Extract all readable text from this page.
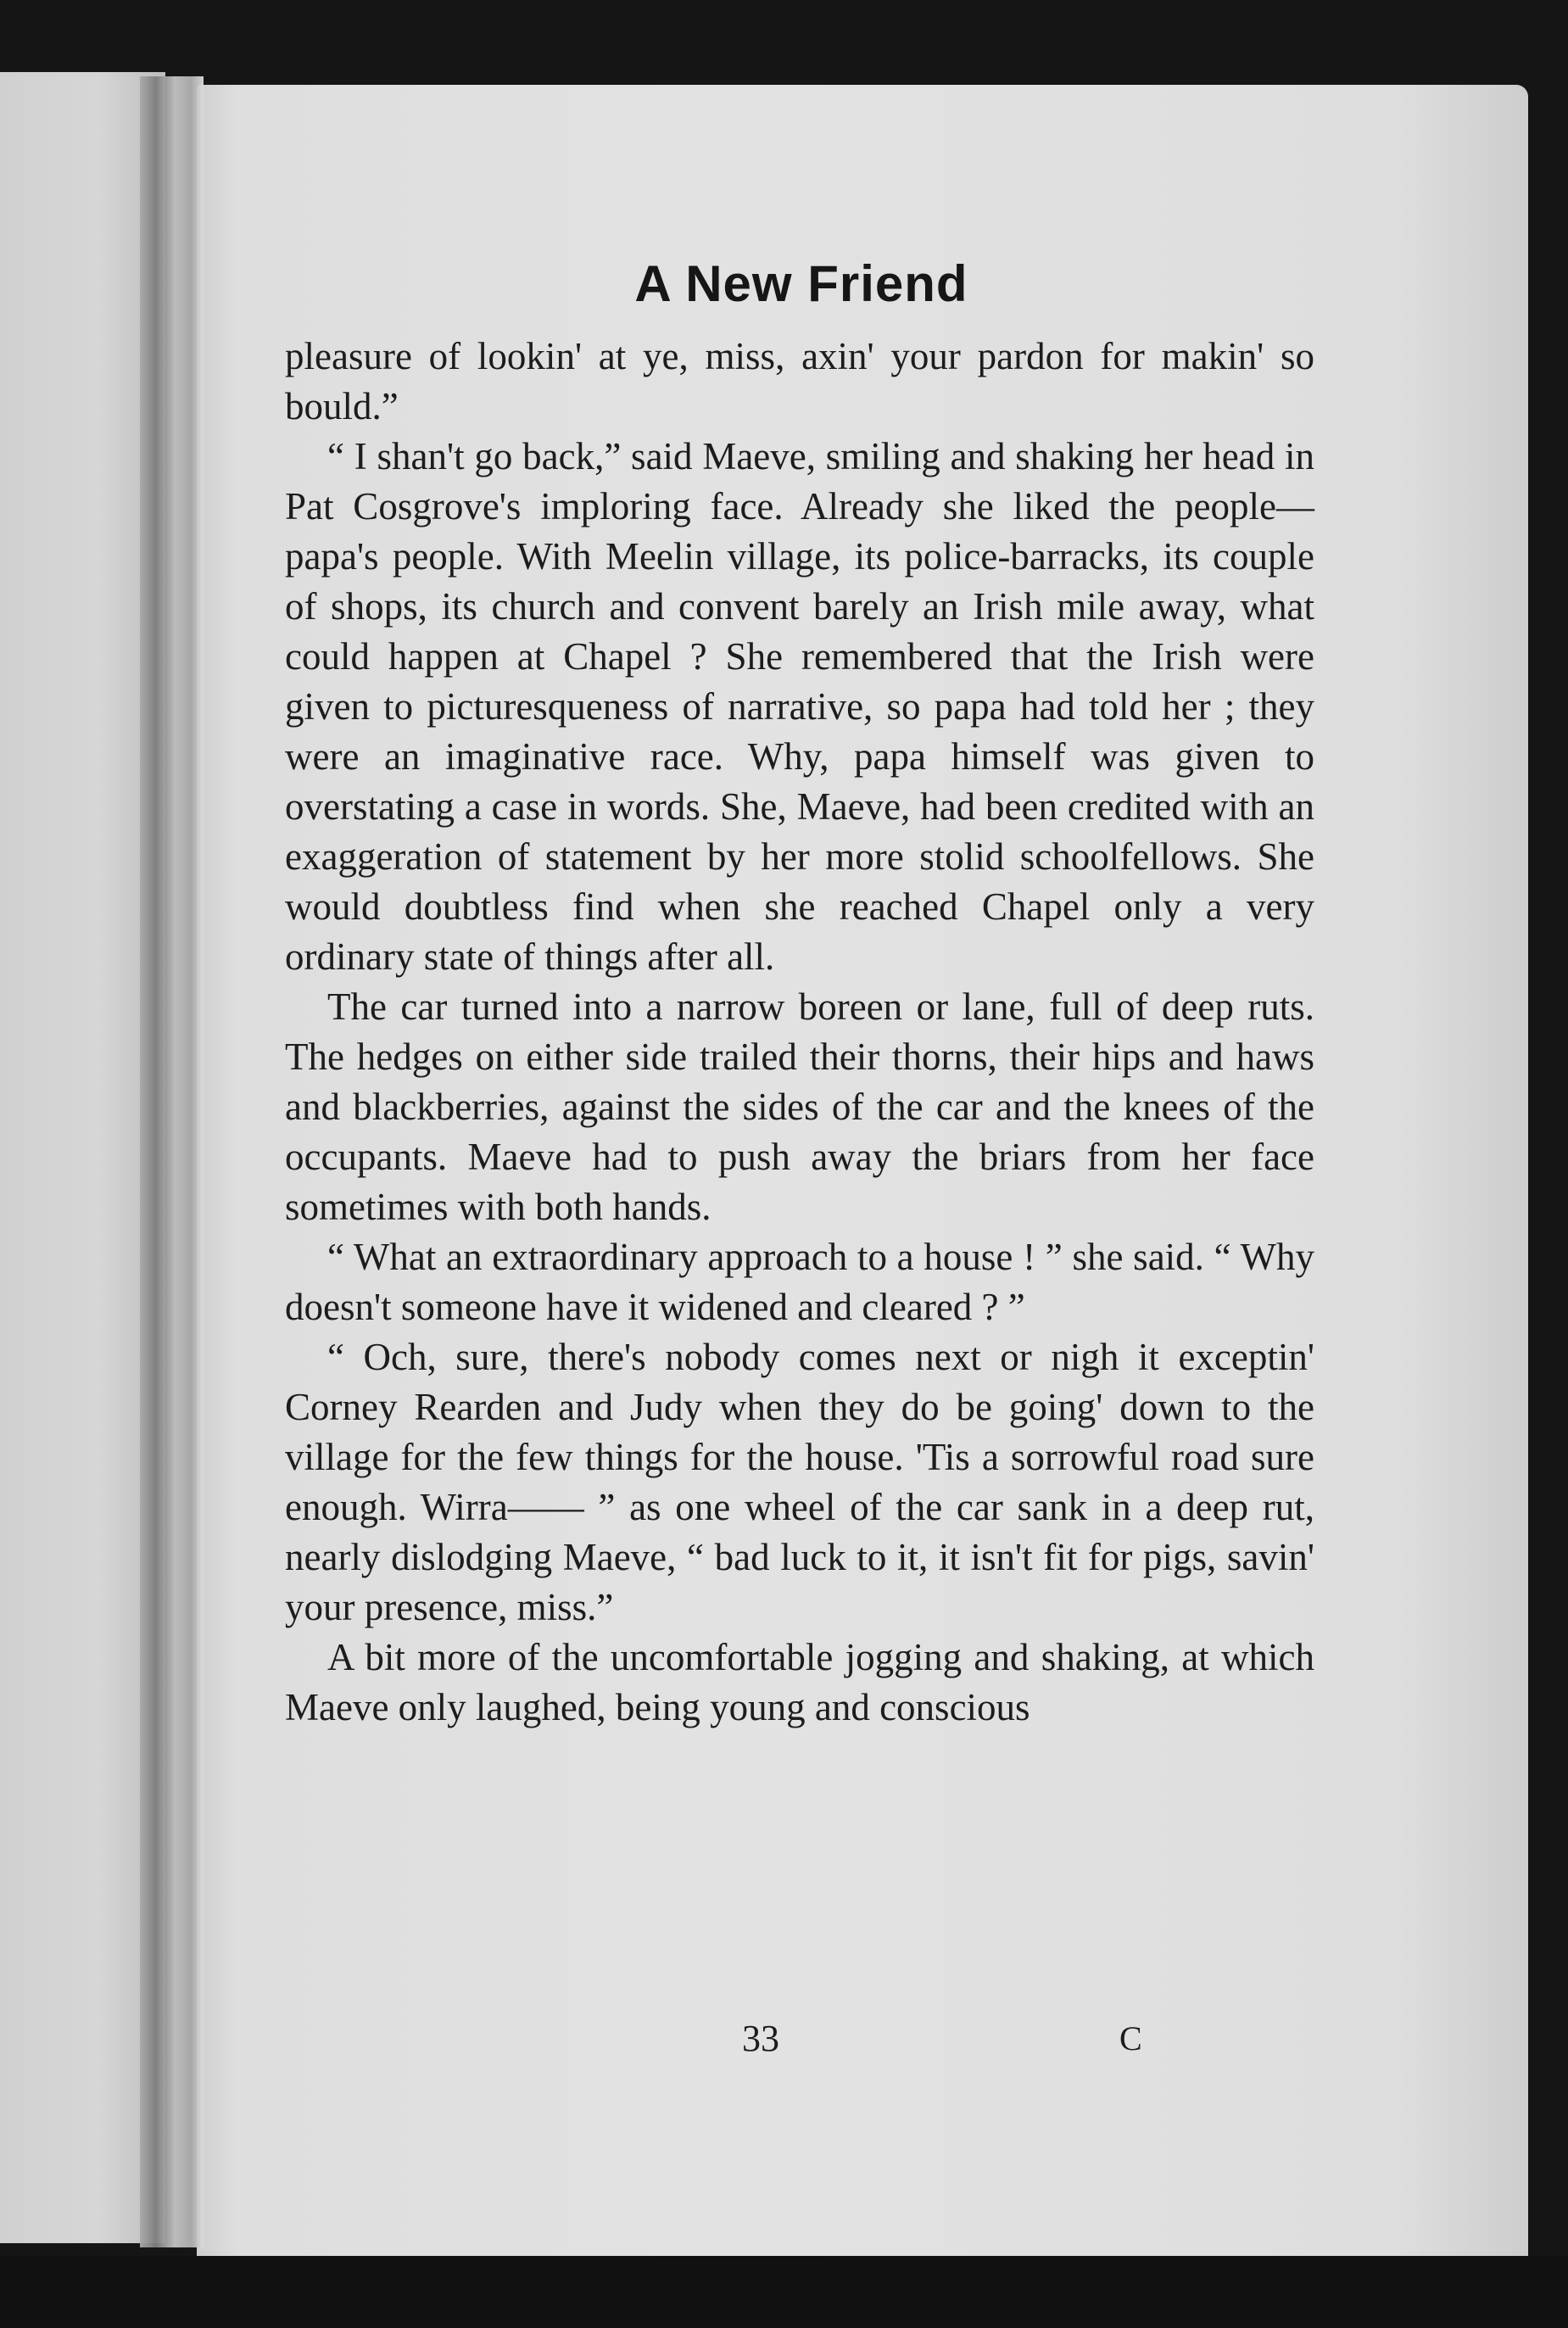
A New Friend

pleasure of lookin' at ye, miss, axin' your pardon for makin' so bould.”

“ I shan't go back,” said Maeve, smiling and shaking her head in Pat Cosgrove's imploring face. Already she liked the people—papa's people. With Meelin village, its police-barracks, its couple of shops, its church and convent barely an Irish mile away, what could happen at Chapel ? She remembered that the Irish were given to picturesqueness of narrative, so papa had told her ; they were an imaginative race. Why, papa himself was given to overstating a case in words. She, Maeve, had been credited with an exaggeration of statement by her more stolid schoolfellows. She would doubtless find when she reached Chapel only a very ordinary state of things after all.

The car turned into a narrow boreen or lane, full of deep ruts. The hedges on either side trailed their thorns, their hips and haws and blackberries, against the sides of the car and the knees of the occupants. Maeve had to push away the briars from her face sometimes with both hands.

“ What an extraordinary approach to a house ! ” she said. “ Why doesn't someone have it widened and cleared ? ”

“ Och, sure, there's nobody comes next or nigh it exceptin' Corney Rearden and Judy when they do be going' down to the village for the few things for the house. 'Tis a sorrowful road sure enough. Wirra—— ” as one wheel of the car sank in a deep rut, nearly dislodging Maeve, “ bad luck to it, it isn't fit for pigs, savin' your presence, miss.”

A bit more of the uncomfortable jogging and shaking, at which Maeve only laughed, being young and conscious

33	C
